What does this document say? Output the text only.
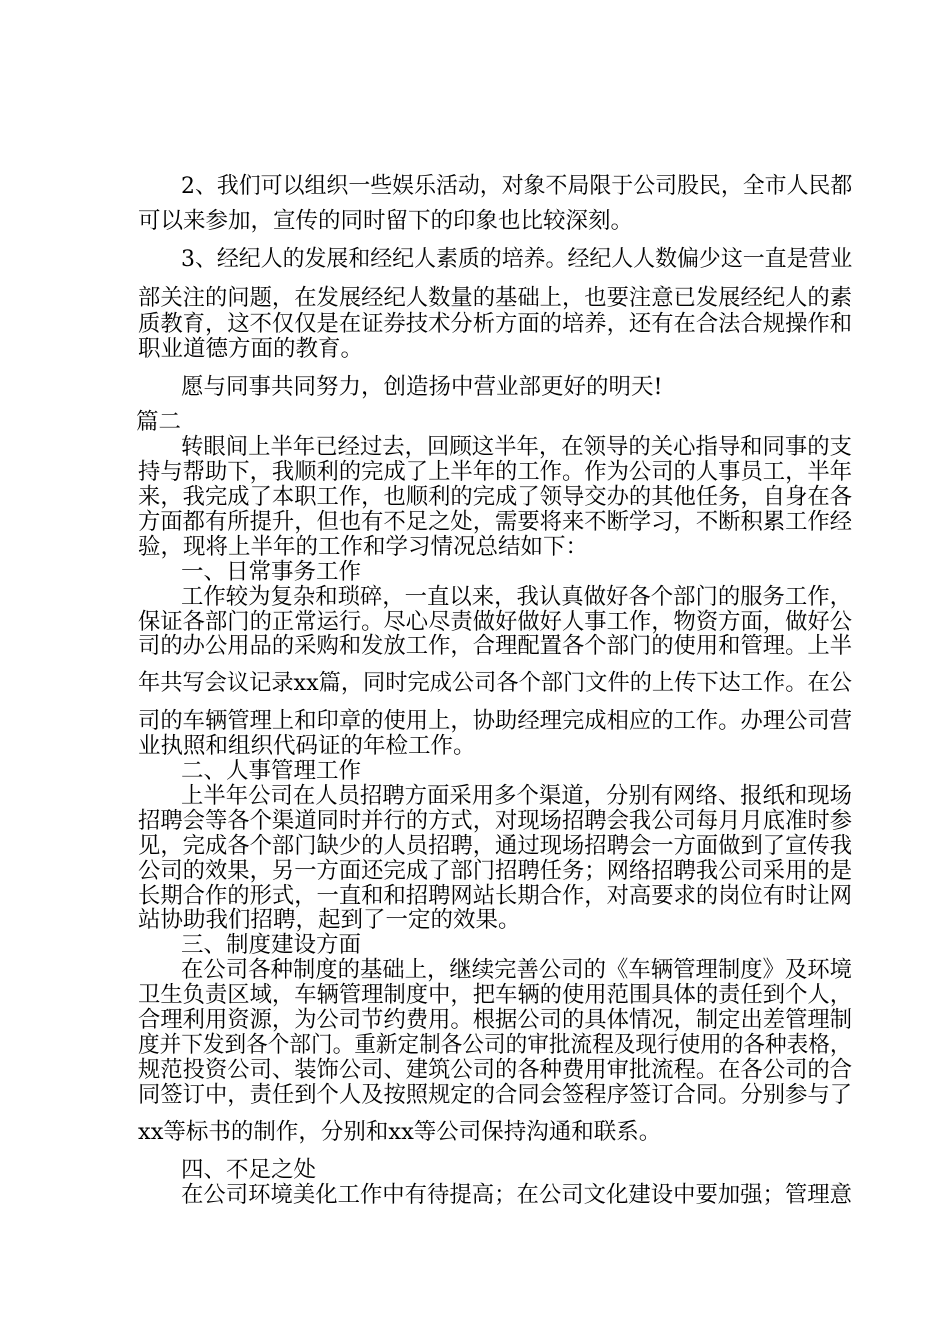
2、我们可以组织一些娱乐活动，对象不局限于公司股民，全市人民都
可以来参加，宣传的同时留下的印象也比较深刻。
3、经纪人的发展和经纪人素质的培养。经纪人人数偏少这一直是营业
部关注的问题，在发展经纪人数量的基础上，也要注意已发展经纪人的素
质教育，这不仅仅是在证券技术分析方面的培养，还有在合法合规操作和
职业道德方面的教育。
愿与同事共同努力，创造扬中营业部更好的明天!
篇二
转眼间上半年已经过去，回顾这半年，在领导的关心指导和同事的支
持与帮助下，我顺利的完成了上半年的工作。作为公司的人事员工，半年
来，我完成了本职工作，也顺利的完成了领导交办的其他任务，自身在各
方面都有所提升，但也有不足之处，需要将来不断学习，不断积累工作经
验，现将上半年的工作和学习情况总结如下：
一、日常事务工作
工作较为复杂和琐碎，一直以来，我认真做好各个部门的服务工作，
保证各部门的正常运行。尽心尽责做好做好人事工作，物资方面，做好公
司的办公用品的采购和发放工作，合理配置各个部门的使用和管理。上半
年共写会议记录xx篇，同时完成公司各个部门文件的上传下达工作。在公
司的车辆管理上和印章的使用上，协助经理完成相应的工作。办理公司营
业执照和组织代码证的年检工作。
二、人事管理工作
上半年公司在人员招聘方面采用多个渠道，分别有网络、报纸和现场
招聘会等各个渠道同时并行的方式，对现场招聘会我公司每月月底准时参
见，完成各个部门缺少的人员招聘，通过现场招聘会一方面做到了宣传我
公司的效果，另一方面还完成了部门招聘任务；网络招聘我公司采用的是
长期合作的形式，一直和和招聘网站长期合作，对高要求的岗位有时让网
站协助我们招聘，起到了一定的效果。
三、制度建设方面
在公司各种制度的基础上，继续完善公司的《车辆管理制度》及环境
卫生负责区域，车辆管理制度中，把车辆的使用范围具体的责任到个人，
合理利用资源，为公司节约费用。根据公司的具体情况，制定出差管理制
度并下发到各个部门。重新定制各公司的审批流程及现行使用的各种表格，
规范投资公司、装饰公司、建筑公司的各种费用审批流程。在各公司的合
同签订中，责任到个人及按照规定的合同会签程序签订合同。分别参与了
xx等标书的制作，分别和xx等公司保持沟通和联系。
四、不足之处
在公司环境美化工作中有待提高；在公司文化建设中要加强；管理意
